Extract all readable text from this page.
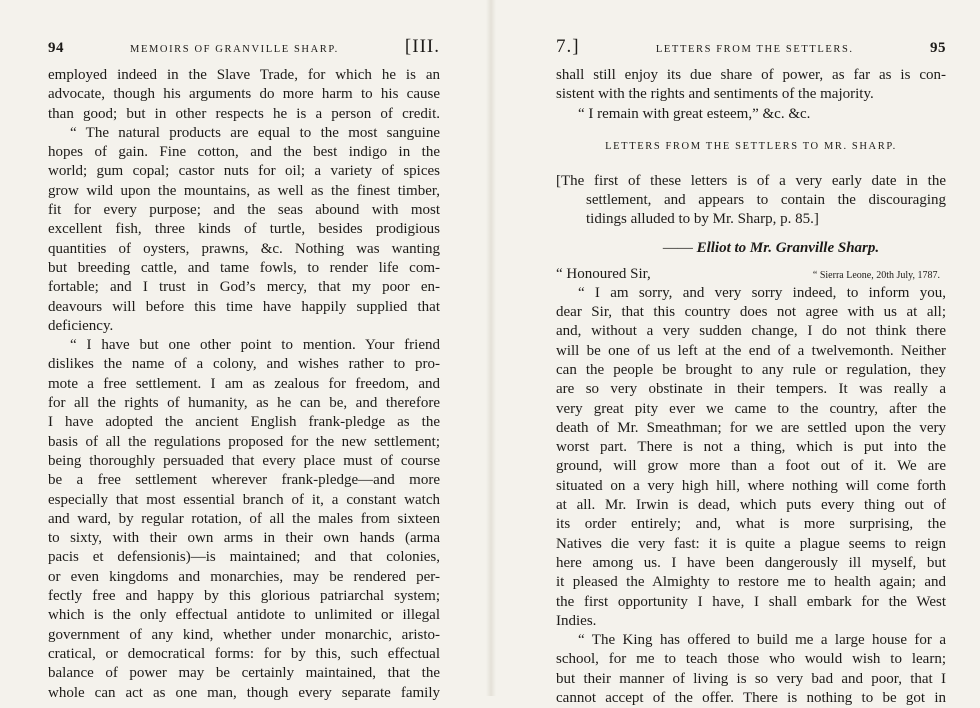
94	MEMOIRS OF GRANVILLE SHARP.	[III.
employed indeed in the Slave Trade, for which he is an
advocate, though his arguments do more harm to his cause
than good; but in other respects he is a person of credit.
“ The natural products are equal to the most sanguine
hopes of gain. Fine cotton, and the best indigo in the
world; gum copal; castor nuts for oil; a variety of spices
grow wild upon the mountains, as well as the finest timber,
fit for every purpose; and the seas abound with most
excellent fish, three kinds of turtle, besides prodigious
quantities of oysters, prawns, &c. Nothing was wanting
but breeding cattle, and tame fowls, to render life com-
fortable; and I trust in God’s mercy, that my poor en-
deavours will before this time have happily supplied that
deficiency.
“ I have but one other point to mention. Your friend
dislikes the name of a colony, and wishes rather to pro-
mote a free settlement. I am as zealous for freedom, and
for all the rights of humanity, as he can be, and therefore
I have adopted the ancient English frank-pledge as the
basis of all the regulations proposed for the new settlement;
being thoroughly persuaded that every place must of course
be a free settlement wherever frank-pledge—and more
especially that most essential branch of it, a constant watch
and ward, by regular rotation, of all the males from sixteen
to sixty, with their own arms in their own hands (arma
pacis et defensionis)—is maintained; and that colonies,
or even kingdoms and monarchies, may be rendered per-
fectly free and happy by this glorious patriarchal system;
which is the only effectual antidote to unlimited or illegal
government of any kind, whether under monarchic, aristo-
cratical, or democratical forms: for by this, such effectual
balance of power may be certainly maintained, that the
whole can act as one man, though every separate family
7.]	LETTERS FROM THE SETTLERS.	95
shall still enjoy its due share of power, as far as is con-
sistent with the rights and sentiments of the majority.
“ I remain with great esteem,” &c. &c.
LETTERS FROM THE SETTLERS TO MR. SHARP.
[The first of these letters is of a very early date in the
settlement, and appears to contain the discouraging
tidings alluded to by Mr. Sharp, p. 85.]
—— Elliot to Mr. Granville Sharp.
“ Honoured Sir,	“ Sierra Leone, 20th July, 1787.
“ I am sorry, and very sorry indeed, to inform you,
dear Sir, that this country does not agree with us at all;
and, without a very sudden change, I do not think there
will be one of us left at the end of a twelvemonth. Neither
can the people be brought to any rule or regulation, they
are so very obstinate in their tempers. It was really a
very great pity ever we came to the country, after the
death of Mr. Smeathman; for we are settled upon the very
worst part. There is not a thing, which is put into the
ground, will grow more than a foot out of it. We are
situated on a very high hill, where nothing will come forth
at all. Mr. Irwin is dead, which puts every thing out of
its order entirely; and, what is more surprising, the
Natives die very fast: it is quite a plague seems to reign
here among us. I have been dangerously ill myself, but
it pleased the Almighty to restore me to health again; and
the first opportunity I have, I shall embark for the West
Indies.
“ The King has offered to build me a large house for a
school, for me to teach those who would wish to learn;
but their manner of living is so very bad and poor, that I
cannot accept of the offer. There is nothing to be got in
